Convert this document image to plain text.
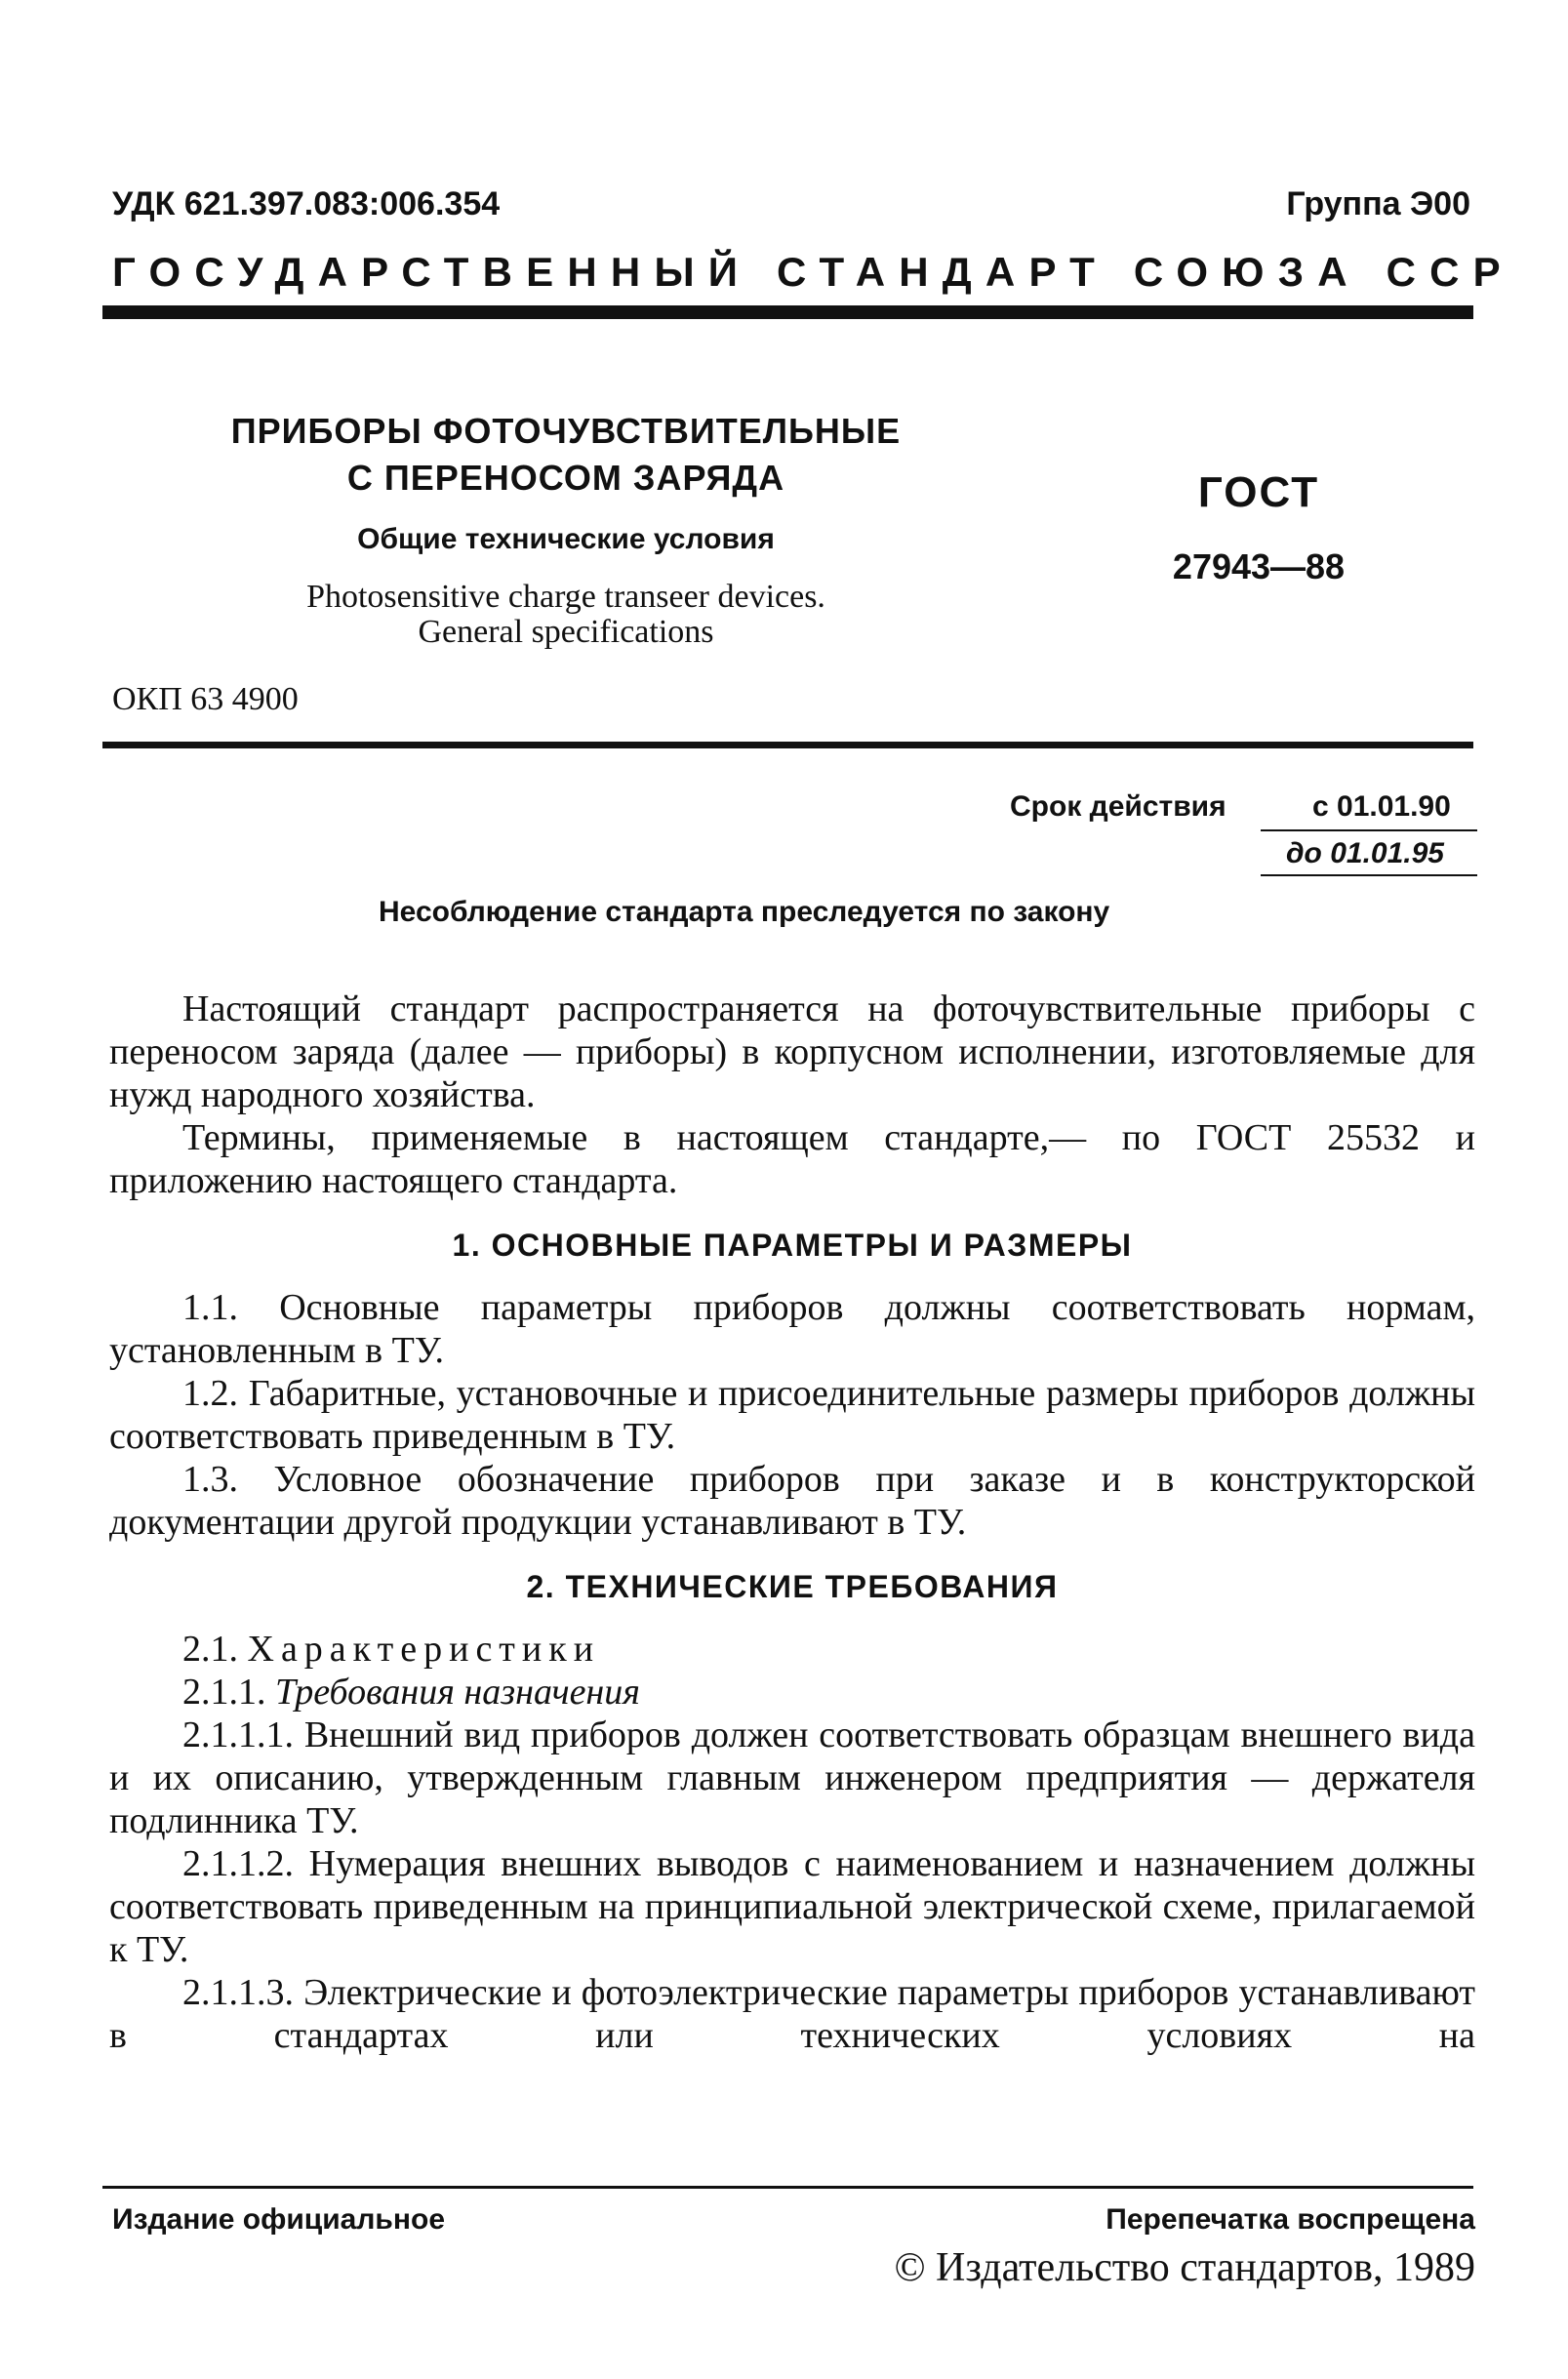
УДК 621.397.083:006.354	Группа Э00
ГОСУДАРСТВЕННЫЙ СТАНДАРТ СОЮЗА ССР
ПРИБОРЫ ФОТОЧУВСТВИТЕЛЬНЫЕ
С ПЕРЕНОСОМ ЗАРЯДА
Общие технические условия
Photosensitive charge transeer devices.
General specifications
ГОСТ
27943—88
ОКП 63 4900
Срок действия	с 01.01.90
до 01.01.95
Несоблюдение стандарта преследуется по закону

Настоящий стандарт распространяется на фоточувствительные приборы с переносом заряда (далее — приборы) в корпусном исполнении, изготовляемые для нужд народного хозяйства.

Термины, применяемые в настоящем стандарте,— по ГОСТ 25532 и приложению настоящего стандарта.

1. ОСНОВНЫЕ ПАРАМЕТРЫ И РАЗМЕРЫ

1.1. Основные параметры приборов должны соответствовать нормам, установленным в ТУ.

1.2. Габаритные, установочные и присоединительные размеры приборов должны соответствовать приведенным в ТУ.

1.3. Условное обозначение приборов при заказе и в конструкторской документации другой продукции устанавливают в ТУ.

2. ТЕХНИЧЕСКИЕ ТРЕБОВАНИЯ

2.1. Характеристики

2.1.1. Требования назначения

2.1.1.1. Внешний вид приборов должен соответствовать образцам внешнего вида и их описанию, утвержденным главным инженером предприятия — держателя подлинника ТУ.

2.1.1.2. Нумерация внешних выводов с наименованием и назначением должны соответствовать приведенным на принципиальной электрической схеме, прилагаемой к ТУ.

2.1.1.3. Электрические и фотоэлектрические параметры приборов устанавливают в стандартах или технических условиях на

Издание официальное	Перепечатка воспрещена
© Издательство стандартов, 1989
